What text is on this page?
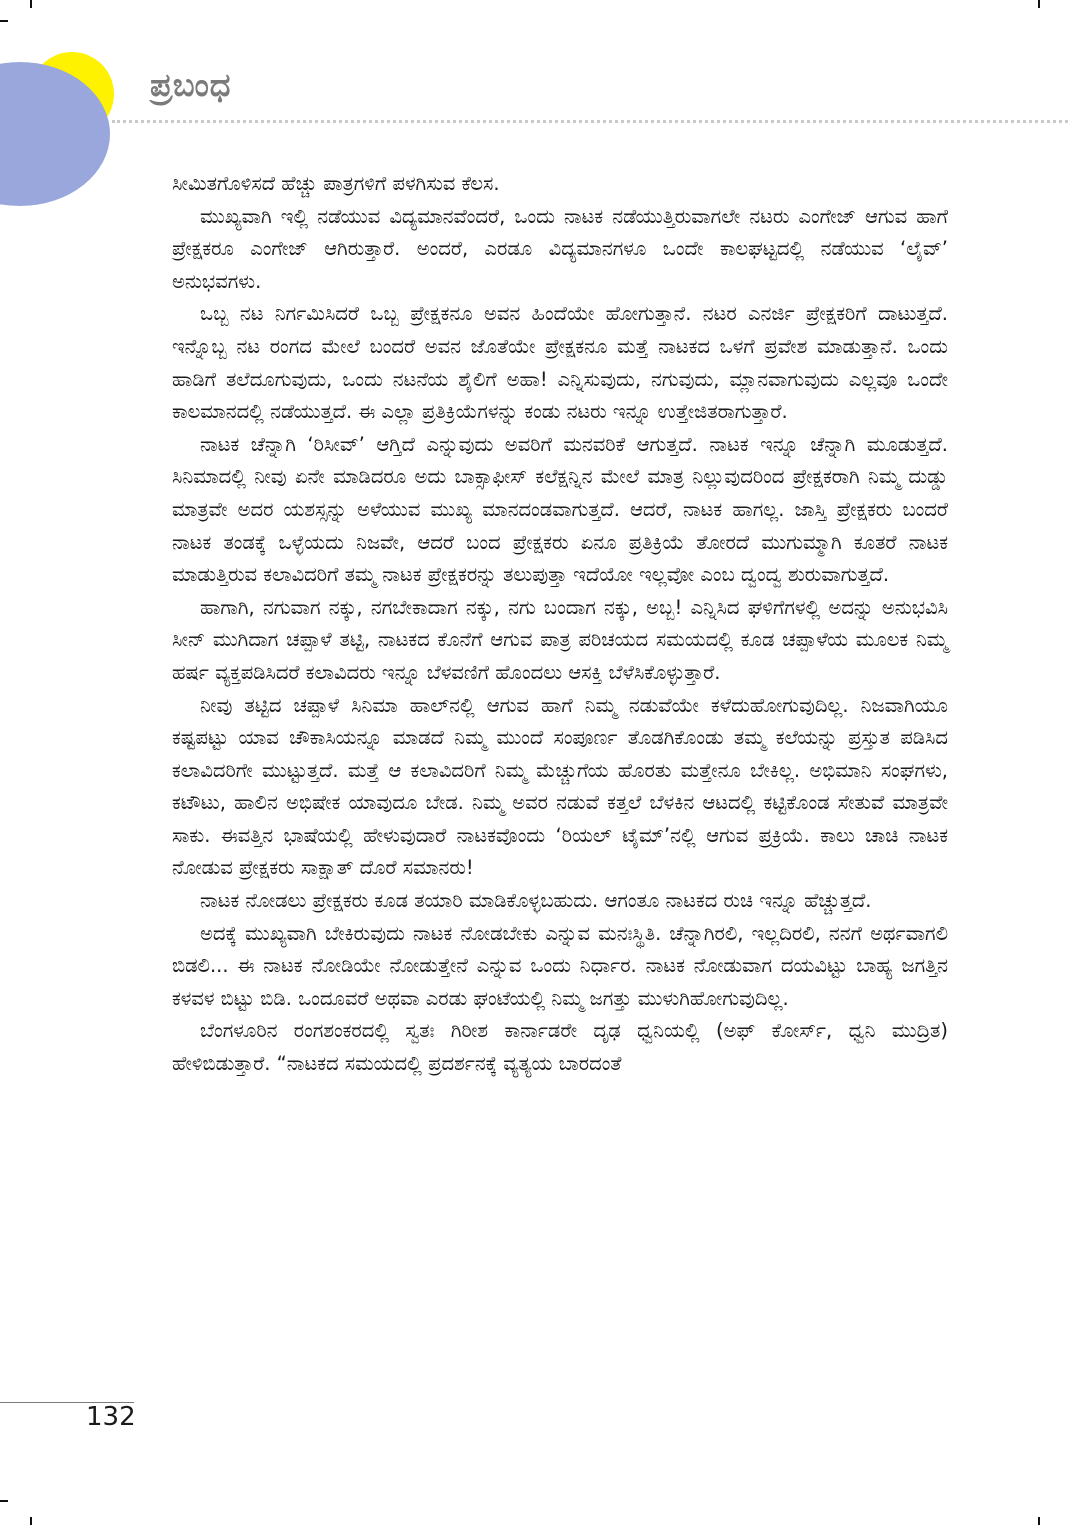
ಪ್ರಬಂಧ

ಸೀಮಿತಗೊಳಿಸದೆ ಹೆಚ್ಚು ಪಾತ್ರಗಳಿಗೆ ಪಳಗಿಸುವ ಕೆಲಸ.

ಮುಖ್ಯವಾಗಿ ಇಲ್ಲಿ ನಡೆಯುವ ವಿದ್ಯಮಾನವೆಂದರೆ, ಒಂದು ನಾಟಕ ನಡೆಯುತ್ತಿರುವಾಗಲೇ ನಟರು ಎಂಗೇಜ್ ಆಗುವ ಹಾಗೆ ಪ್ರೇಕ್ಷಕರೂ ಎಂಗೇಜ್ ಆಗಿರುತ್ತಾರೆ. ಅಂದರೆ, ಎರಡೂ ವಿದ್ಯಮಾನಗಳೂ ಒಂದೇ ಕಾಲಘಟ್ಟದಲ್ಲಿ ನಡೆಯುವ ‘ಲೈವ್’ ಅನುಭವಗಳು.

ಒಬ್ಬ ನಟ ನಿರ್ಗಮಿಸಿದರೆ ಒಬ್ಬ ಪ್ರೇಕ್ಷಕನೂ ಅವನ ಹಿಂದೆಯೇ ಹೋಗುತ್ತಾನೆ. ನಟರ ಎನರ್ಜಿ ಪ್ರೇಕ್ಷಕರಿಗೆ ದಾಟುತ್ತದೆ. ಇನ್ನೊಬ್ಬ ನಟ ರಂಗದ ಮೇಲೆ ಬಂದರೆ ಅವನ ಜೊತೆಯೇ ಪ್ರೇಕ್ಷಕನೂ ಮತ್ತೆ ನಾಟಕದ ಒಳಗೆ ಪ್ರವೇಶ ಮಾಡುತ್ತಾನೆ. ಒಂದು ಹಾಡಿಗೆ ತಲೆದೂಗುವುದು, ಒಂದು ನಟನೆಯ ಶೈಲಿಗೆ ಅಹಾ! ಎನ್ನಿಸುವುದು, ನಗುವುದು, ಮ್ಲಾನವಾಗುವುದು ಎಲ್ಲವೂ ಒಂದೇ ಕಾಲಮಾನದಲ್ಲಿ ನಡೆಯುತ್ತದೆ. ಈ ಎಲ್ಲಾ ಪ್ರತಿಕ್ರಿಯೆಗಳನ್ನು ಕಂಡು ನಟರು ಇನ್ನೂ ಉತ್ತೇಜಿತರಾಗುತ್ತಾರೆ.

ನಾಟಕ ಚೆನ್ನಾಗಿ ‘ರಿಸೀವ್’ ಆಗ್ತಿದೆ ಎನ್ನುವುದು ಅವರಿಗೆ ಮನವರಿಕೆ ಆಗುತ್ತದೆ. ನಾಟಕ ಇನ್ನೂ ಚೆನ್ನಾಗಿ ಮೂಡುತ್ತದೆ. ಸಿನಿಮಾದಲ್ಲಿ ನೀವು ಏನೇ ಮಾಡಿದರೂ ಅದು ಬಾಕ್ಸಾಫೀಸ್ ಕಲೆಕ್ಷನ್ನಿನ ಮೇಲೆ ಮಾತ್ರ ನಿಲ್ಲುವುದರಿಂದ ಪ್ರೇಕ್ಷಕರಾಗಿ ನಿಮ್ಮ ದುಡ್ಡು ಮಾತ್ರವೇ ಅದರ ಯಶಸ್ಸನ್ನು ಅಳೆಯುವ ಮುಖ್ಯ ಮಾನದಂಡವಾಗುತ್ತದೆ. ಆದರೆ, ನಾಟಕ ಹಾಗಲ್ಲ. ಜಾಸ್ತಿ ಪ್ರೇಕ್ಷಕರು ಬಂದರೆ ನಾಟಕ ತಂಡಕ್ಕೆ ಒಳ್ಳೆಯದು ನಿಜವೇ, ಆದರೆ ಬಂದ ಪ್ರೇಕ್ಷಕರು ಏನೂ ಪ್ರತಿಕ್ರಿಯೆ ತೋರದೆ ಮುಗುಮ್ಮಾಗಿ ಕೂತರೆ ನಾಟಕ ಮಾಡುತ್ತಿರುವ ಕಲಾವಿದರಿಗೆ ತಮ್ಮ ನಾಟಕ ಪ್ರೇಕ್ಷಕರನ್ನು ತಲುಪುತ್ತಾ ಇದೆಯೋ ಇಲ್ಲವೋ ಎಂಬ ದ್ವಂದ್ವ ಶುರುವಾಗುತ್ತದೆ.

ಹಾಗಾಗಿ, ನಗುವಾಗ ನಕ್ಕು, ನಗಬೇಕಾದಾಗ ನಕ್ಕು, ನಗು ಬಂದಾಗ ನಕ್ಕು, ಅಬ್ಬ! ಎನ್ನಿಸಿದ ಘಳಿಗೆಗಳಲ್ಲಿ ಅದನ್ನು ಅನುಭವಿಸಿ ಸೀನ್ ಮುಗಿದಾಗ ಚಪ್ಪಾಳೆ ತಟ್ಟಿ, ನಾಟಕದ ಕೊನೆಗೆ ಆಗುವ ಪಾತ್ರ ಪರಿಚಯದ ಸಮಯದಲ್ಲಿ ಕೂಡ ಚಪ್ಪಾಳೆಯ ಮೂಲಕ ನಿಮ್ಮ ಹರ್ಷ ವ್ಯಕ್ತಪಡಿಸಿದರೆ ಕಲಾವಿದರು ಇನ್ನೂ ಬೆಳವಣಿಗೆ ಹೊಂದಲು ಆಸಕ್ತಿ ಬೆಳೆಸಿಕೊಳ್ಳುತ್ತಾರೆ.

ನೀವು ತಟ್ಟಿದ ಚಪ್ಪಾಳೆ ಸಿನಿಮಾ ಹಾಲ್‌ನಲ್ಲಿ ಆಗುವ ಹಾಗೆ ನಿಮ್ಮ ನಡುವೆಯೇ ಕಳೆದುಹೋಗುವುದಿಲ್ಲ. ನಿಜವಾಗಿಯೂ ಕಷ್ಟಪಟ್ಟು ಯಾವ ಚೌಕಾಸಿಯನ್ನೂ ಮಾಡದೆ ನಿಮ್ಮ ಮುಂದೆ ಸಂಪೂರ್ಣ ತೊಡಗಿಕೊಂಡು ತಮ್ಮ ಕಲೆಯನ್ನು ಪ್ರಸ್ತುತ ಪಡಿಸಿದ ಕಲಾವಿದರಿಗೇ ಮುಟ್ಟುತ್ತದೆ. ಮತ್ತೆ ಆ ಕಲಾವಿದರಿಗೆ ನಿಮ್ಮ ಮೆಚ್ಚುಗೆಯ ಹೊರತು ಮತ್ತೇನೂ ಬೇಕಿಲ್ಲ. ಅಭಿಮಾನಿ ಸಂಘಗಳು, ಕಟೌಟು, ಹಾಲಿನ ಅಭಿಷೇಕ ಯಾವುದೂ ಬೇಡ. ನಿಮ್ಮ ಅವರ ನಡುವೆ ಕತ್ತಲೆ ಬೆಳಕಿನ ಆಟದಲ್ಲಿ ಕಟ್ಟಿಕೊಂಡ ಸೇತುವೆ ಮಾತ್ರವೇ ಸಾಕು. ಈವತ್ತಿನ ಭಾಷೆಯಲ್ಲಿ ಹೇಳುವುದಾರೆ ನಾಟಕವೊಂದು ‘ರಿಯಲ್ ಟೈಮ್’ನಲ್ಲಿ ಆಗುವ ಪ್ರಕ್ರಿಯೆ. ಕಾಲು ಚಾಚಿ ನಾಟಕ ನೋಡುವ ಪ್ರೇಕ್ಷಕರು ಸಾಕ್ಷಾತ್ ದೊರೆ ಸಮಾನರು!

ನಾಟಕ ನೋಡಲು ಪ್ರೇಕ್ಷಕರು ಕೂಡ ತಯಾರಿ ಮಾಡಿಕೊಳ್ಳಬಹುದು. ಆಗಂತೂ ನಾಟಕದ ರುಚಿ ಇನ್ನೂ ಹೆಚ್ಚುತ್ತದೆ.

ಅದಕ್ಕೆ ಮುಖ್ಯವಾಗಿ ಬೇಕಿರುವುದು ನಾಟಕ ನೋಡಬೇಕು ಎನ್ನುವ ಮನಃಸ್ಥಿತಿ. ಚೆನ್ನಾಗಿರಲಿ, ಇಲ್ಲದಿರಲಿ, ನನಗೆ ಅರ್ಥವಾಗಲಿ ಬಿಡಲಿ... ಈ ನಾಟಕ ನೋಡಿಯೇ ನೋಡುತ್ತೇನೆ ಎನ್ನುವ ಒಂದು ನಿರ್ಧಾರ. ನಾಟಕ ನೋಡುವಾಗ ದಯವಿಟ್ಟು ಬಾಹ್ಯ ಜಗತ್ತಿನ ಕಳವಳ ಬಿಟ್ಟು ಬಿಡಿ. ಒಂದೂವರೆ ಅಥವಾ ಎರಡು ಘಂಟೆಯಲ್ಲಿ ನಿಮ್ಮ ಜಗತ್ತು ಮುಳುಗಿಹೋಗುವುದಿಲ್ಲ.

ಬೆಂಗಳೂರಿನ ರಂಗಶಂಕರದಲ್ಲಿ ಸ್ವತಃ ಗಿರೀಶ ಕಾರ್ನಾಡರೇ ದೃಢ ಧ್ವನಿಯಲ್ಲಿ (ಅಫ್ ಕೋರ್ಸ್, ಧ್ವನಿ ಮುದ್ರಿತ) ಹೇಳಿಬಿಡುತ್ತಾರೆ. “ನಾಟಕದ ಸಮಯದಲ್ಲಿ ಪ್ರದರ್ಶನಕ್ಕೆ ವ್ಯತ್ಯಯ ಬಾರದಂತೆ

132
